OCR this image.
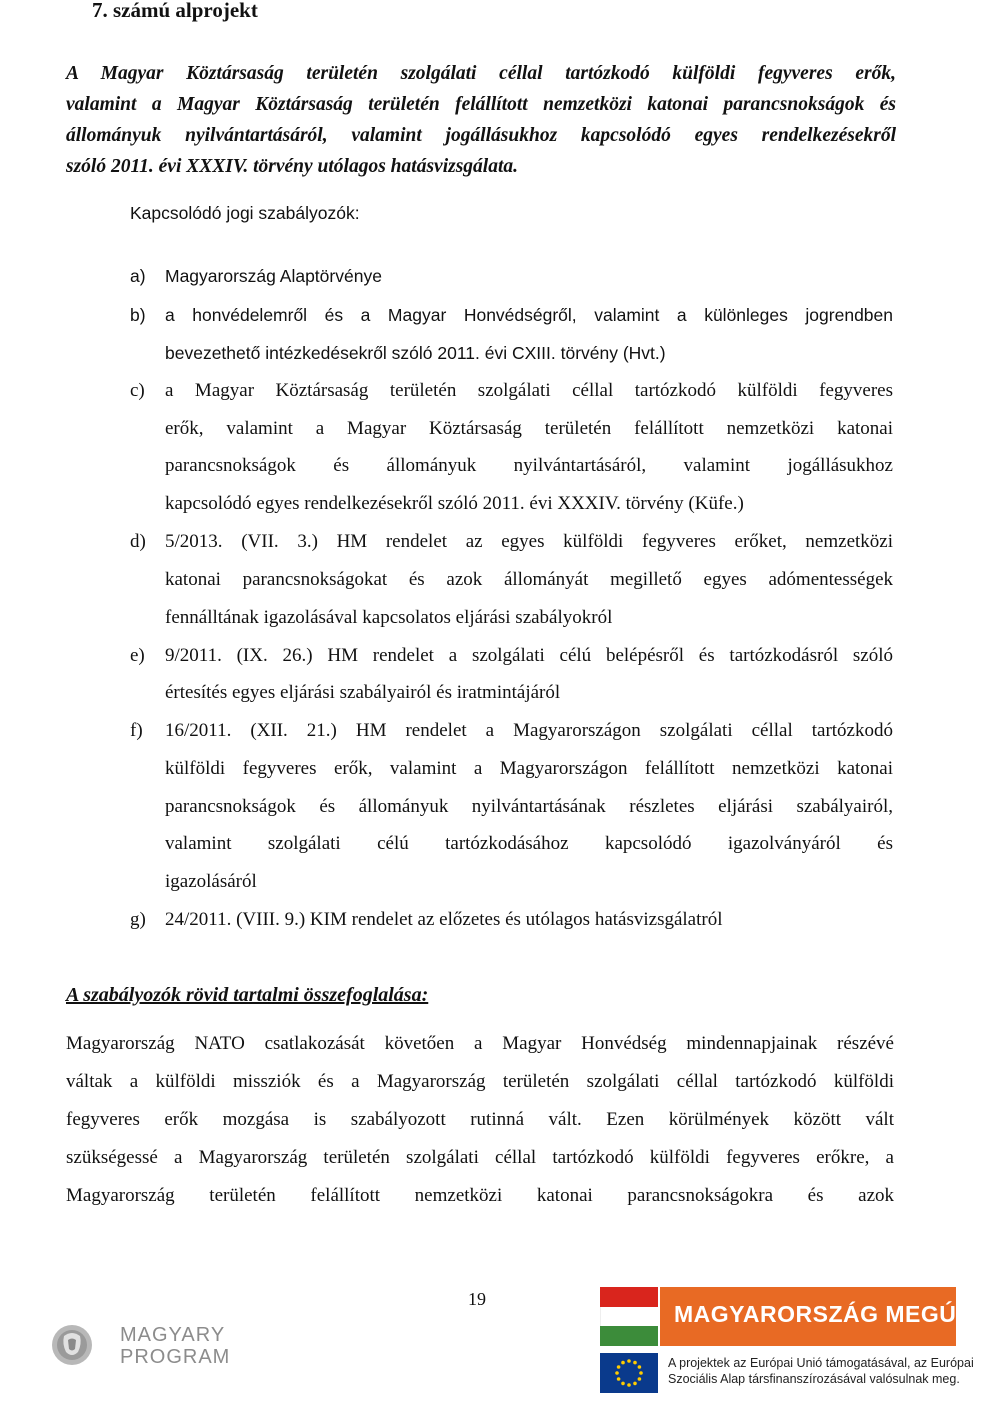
7. számú alprojekt
A Magyar Köztársaság területén szolgálati céllal tartózkodó külföldi fegyveres erők,
valamint a Magyar Köztársaság területén felállított nemzetközi katonai parancsnokságok és
állományuk nyilvántartásáról, valamint jogállásukhoz kapcsolódó egyes rendelkezésekről
szóló 2011. évi XXXIV. törvény utólagos hatásvizsgálata.
Kapcsolódó jogi szabályozók:
a) Magyarország Alaptörvénye
b) a honvédelemről és a Magyar Honvédségről, valamint a különleges jogrendben
bevezethető intézkedésekről szóló 2011. évi CXIII. törvény (Hvt.)
c) a Magyar Köztársaság területén szolgálati céllal tartózkodó külföldi fegyveres
erők, valamint a Magyar Köztársaság területén felállított nemzetközi katonai
parancsnokságok és állományuk nyilvántartásáról, valamint jogállásukhoz
kapcsolódó egyes rendelkezésekről szóló 2011. évi XXXIV. törvény (Küfe.)
d) 5/2013. (VII. 3.) HM rendelet az egyes külföldi fegyveres erőket, nemzetközi
katonai parancsnokságokat és azok állományát megillető egyes adómentességek
fennálltának igazolásával kapcsolatos eljárási szabályokról
e) 9/2011. (IX. 26.) HM rendelet a szolgálati célú belépésről és tartózkodásról szóló
értesítés egyes eljárási szabályairól és iratmintájáról
f) 16/2011. (XII. 21.) HM rendelet a Magyarországon szolgálati céllal tartózkodó
külföldi fegyveres erők, valamint a Magyarországon felállított nemzetközi katonai
parancsnokságok és állományuk nyilvántartásának részletes eljárási szabályairól,
valamint szolgálati célú tartózkodásához kapcsolódó igazolványáról és
igazolásáról
g) 24/2011. (VIII. 9.) KIM rendelet az előzetes és utólagos hatásvizsgálatról
A szabályozók rövid tartalmi összefoglalása:
Magyarország NATO csatlakozását követően a Magyar Honvédség mindennapjainak részévé
váltak a külföldi missziók és a Magyarország területén szolgálati céllal tartózkodó külföldi
fegyveres erők mozgása is szabályozott rutinná vált. Ezen körülmények között vált
szükségessé a Magyarország területén szolgálati céllal tartózkodó külföldi fegyveres erőkre, a
Magyarország területén felállított nemzetközi katonai parancsnokságokra és azok
19
MAGYARY
PROGRAM
MAGYARORSZÁG MEGÚJUL
A projektek az Európai Unió támogatásával, az Európai
Szociális Alap társfinanszírozásával valósulnak meg.
